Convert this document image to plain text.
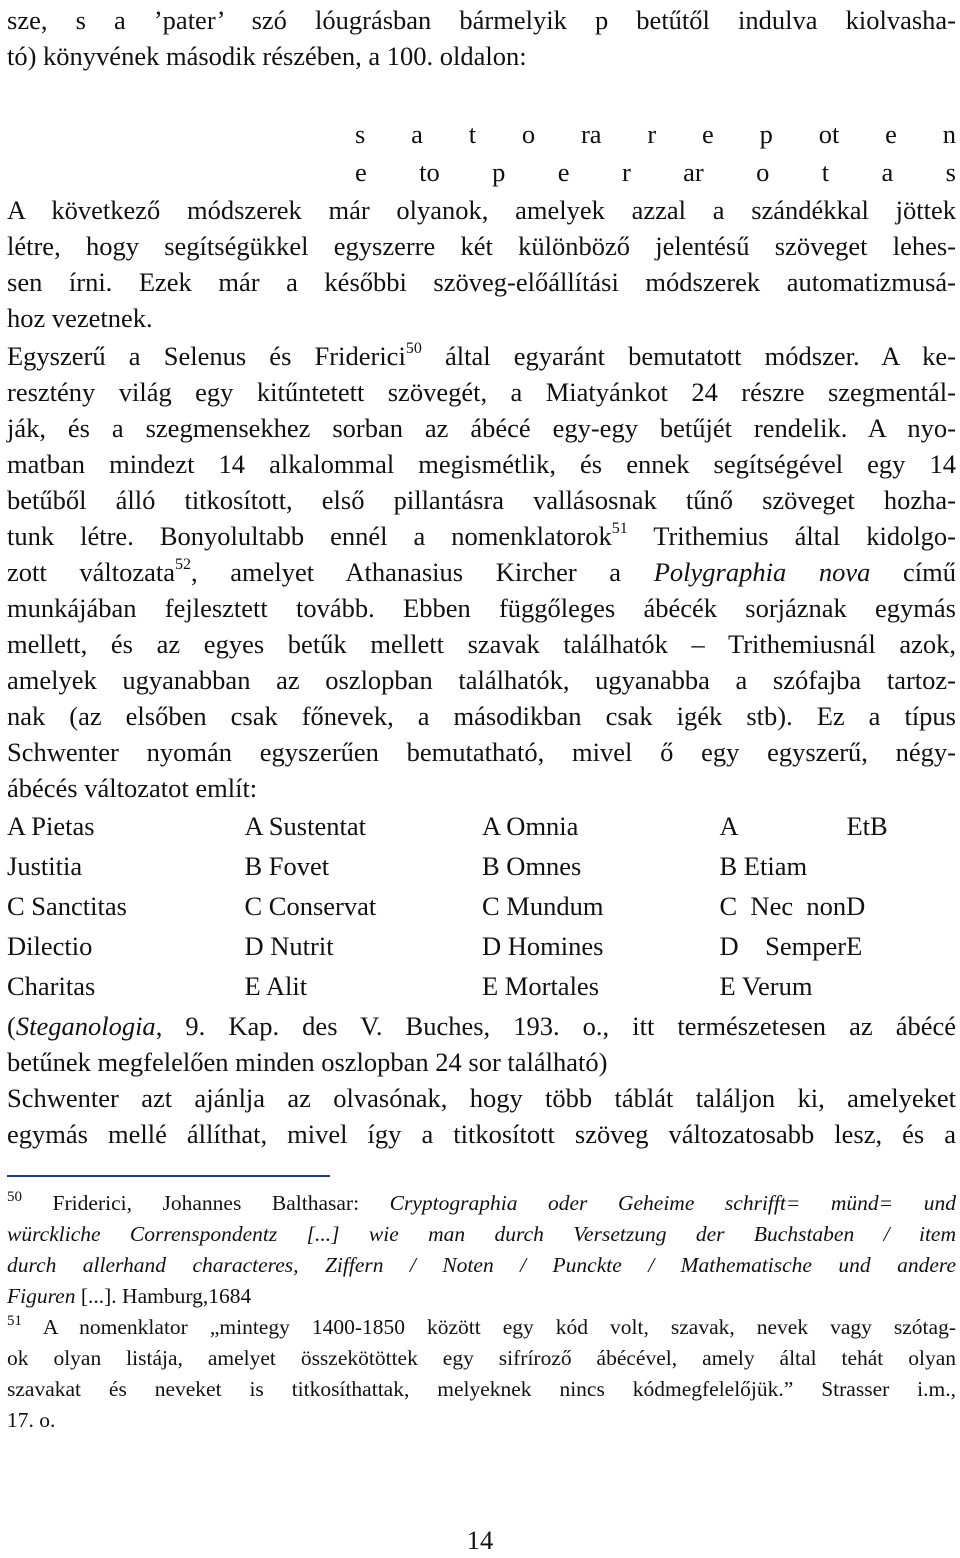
sze, s a ’pater’ szó lóugrásban bármelyik p betűtől indulva kiolvasha-
tó) könyvének második részében, a 100. oldalon:
s a t o ra r e p ot e n
e to p e r ar o t a s
A következő módszerek már olyanok, amelyek azzal a szándékkal jöttek
létre, hogy segítségükkel egyszerre két különböző jelentésű szöveget lehes-
sen írni. Ezek már a későbbi szöveg-előállítási módszerek automatizmusá-
hoz vezetnek.
Egyszerű a Selenus és Friderici$^{50}$ által egyaránt bemutatott módszer. A ke-
resztény világ egy kitűntetett szövegét, a Miatyánkot 24 részre szegmentál-
ják, és a szegmensekhez sorban az ábécé egy-egy betűjét rendelik. A nyo-
matban mindezt 14 alkalommal megismétlik, és ennek segítségével egy 14
betűből álló titkosított, első pillantásra vallásosnak tűnő szöveget hozha-
tunk létre. Bonyolultabb ennél a nomenklatorok$^{51}$ Trithemius által kidolgo-
zott változata$^{52}$, amelyet Athanasius Kircher a Polygraphia nova című
munkájában fejlesztett tovább. Ebben függőleges ábécék sorjáznak egymás
mellett, és az egyes betűk mellett szavak találhatók – Trithemiusnál azok,
amelyek ugyanabban az oszlopban találhatók, ugyanabba a szófajba tartoz-
nak (az elsőben csak főnevek, a másodikban csak igék stb). Ez a típus
Schwenter nyomán egyszerűen bemutatható, mivel ő egy egyszerű, négy-
ábécés változatot említ:
A Pietas	A Sustentat	A Omnia	A	EtB
Justitia	B Fovet	B Omnes	B Etiam
C Sanctitas	C Conservat	C Mundum	C  Nec  nonD
Dilectio	D Nutrit	D Homines	D    SemperE
Charitas	E Alit	E Mortales	E Verum
(Steganologia, 9. Kap. des V. Buches, 193. o., itt természetesen az ábécé
betűnek megfelelően minden oszlopban 24 sor található)
Schwenter azt ajánlja az olvasónak, hogy több táblát találjon ki, amelyeket
egymás mellé állíthat, mivel így a titkosított szöveg változatosabb lesz, és a
$^{50}$ Friderici, Johannes Balthasar: Cryptographia oder Geheime schrifft= münd= und
würckliche Correnspondentz [...] wie man durch Versetzung der Buchstaben / item
durch allerhand characteres, Ziffern / Noten / Punckte / Mathematische und andere
Figuren [...]. Hamburg,1684
$^{51}$ A nomenklator „mintegy 1400-1850 között egy kód volt, szavak, nevek vagy szótag-
ok olyan listája, amelyet összekötöttek egy sifríroző ábécével, amely által tehát olyan
szavakat és neveket is titkosíthattak, melyeknek nincs kódmegfelelőjük.” Strasser i.m.,
17. o.
14
